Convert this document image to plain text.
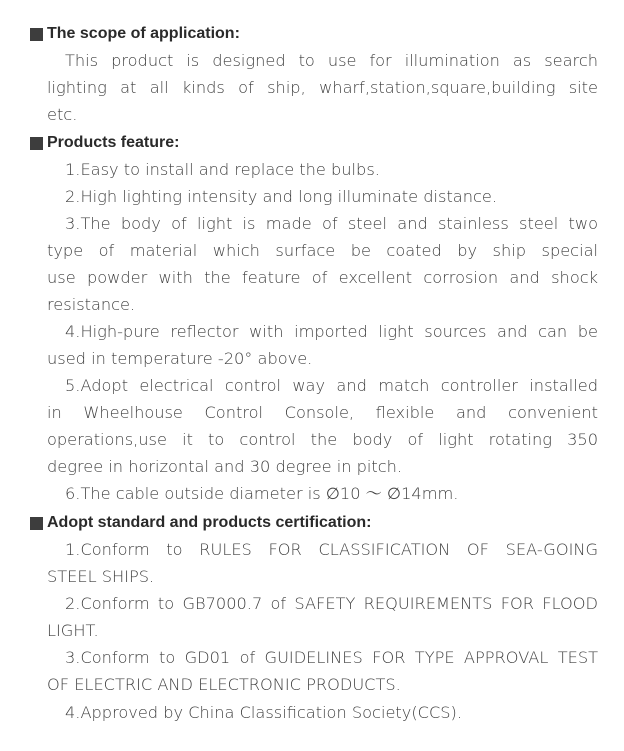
The scope of application:
This product is designed to use for illumination as search
lighting at all kinds of ship, wharf,station,square,building site
etc.
Products feature:
1.Easy to install and replace the bulbs.
2.High lighting intensity and long illuminate distance.
3.The body of light is made of steel and stainless steel two
type of material which surface be coated by ship special
use powder with the feature of excellent corrosion and shock
resistance.
4.High-pure reflector with imported light sources and can be
used in temperature -20° above.
5.Adopt electrical control way and match controller installed
in Wheelhouse Control Console, flexible and convenient
operations,use it to control the body of light rotating 350
degree in horizontal and 30 degree in pitch.
6.The cable outside diameter is ∅10 ～ ∅14mm.
Adopt standard and products certification:
1.Conform to RULES FOR CLASSIFICATION OF SEA-GOING
STEEL SHIPS.
2.Conform to GB7000.7 of SAFETY REQUIREMENTS FOR FLOOD
LIGHT.
3.Conform to GD01 of GUIDELINES FOR TYPE APPROVAL TEST
OF ELECTRIC AND ELECTRONIC PRODUCTS.
4.Approved by China Classification Society(CCS).
